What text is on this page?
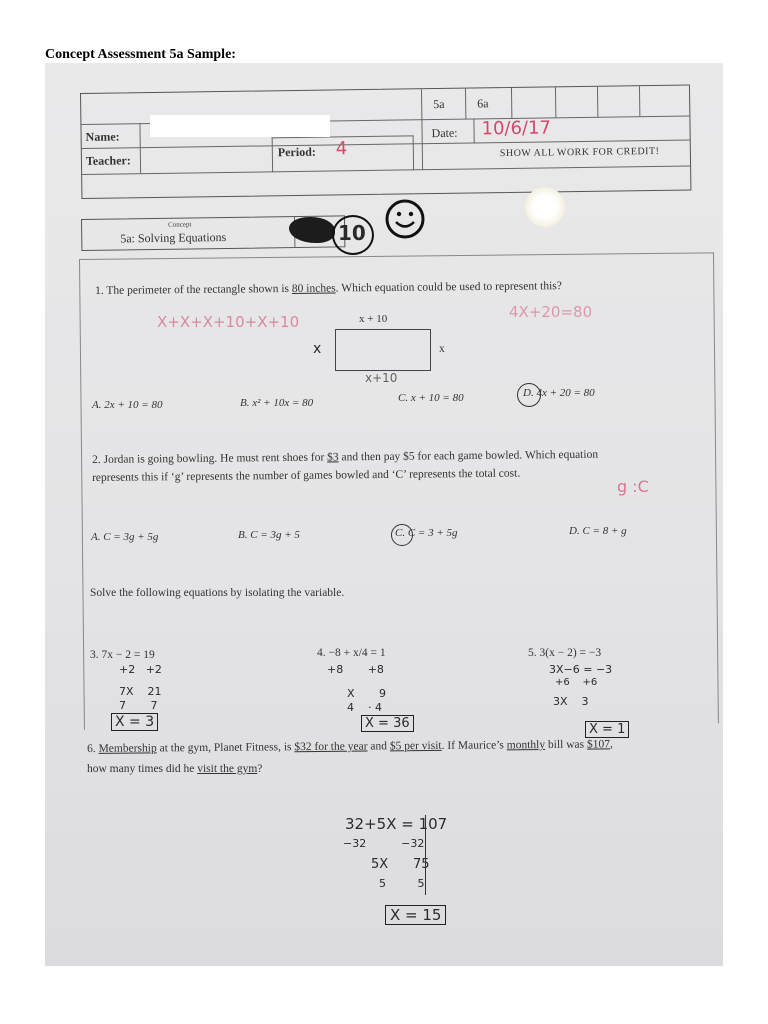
Concept Assessment 5a Sample:
Name:
Teacher:
Period: 4
5a	6a
Date: 10/6/17
SHOW ALL WORK FOR CREDIT!
Concept
5a: Solving Equations	10
1. The perimeter of the rectangle shown is 80 inches. Which equation could be used to represent this?
X+X+X+10+X+10
4X+20=80
x + 10
x	x
x+10
A. 2x + 10 = 80	B. x² + 10x = 80	C. x + 10 = 80	D. 4x + 20 = 80
2. Jordan is going bowling. He must rent shoes for $3 and then pay $5 for each game bowled. Which equation
represents this if ‘g’ represents the number of games bowled and ‘C’ represents the total cost.
g :C
A. C = 3g + 5g	B. C = 3g + 5	C. C = 3 + 5g	D. C = 8 + g
Solve the following equations by isolating the variable.
3. 7x − 2 = 19
+2   +2
7X    21
7       7
X = 3
4. −8 + x/4 = 1
+8       +8
X       9
4    · 4
X = 36
5. 3(x − 2) = −3
3X−6 = −3
+6    +6
3X    3
X = 1
6. Membership at the gym, Planet Fitness, is $32 for the year and $5 per visit. If Maurice’s monthly bill was $107,
how many times did he visit the gym?
32+5X = 107
−32          −32
5X      75
5         5
X = 15
